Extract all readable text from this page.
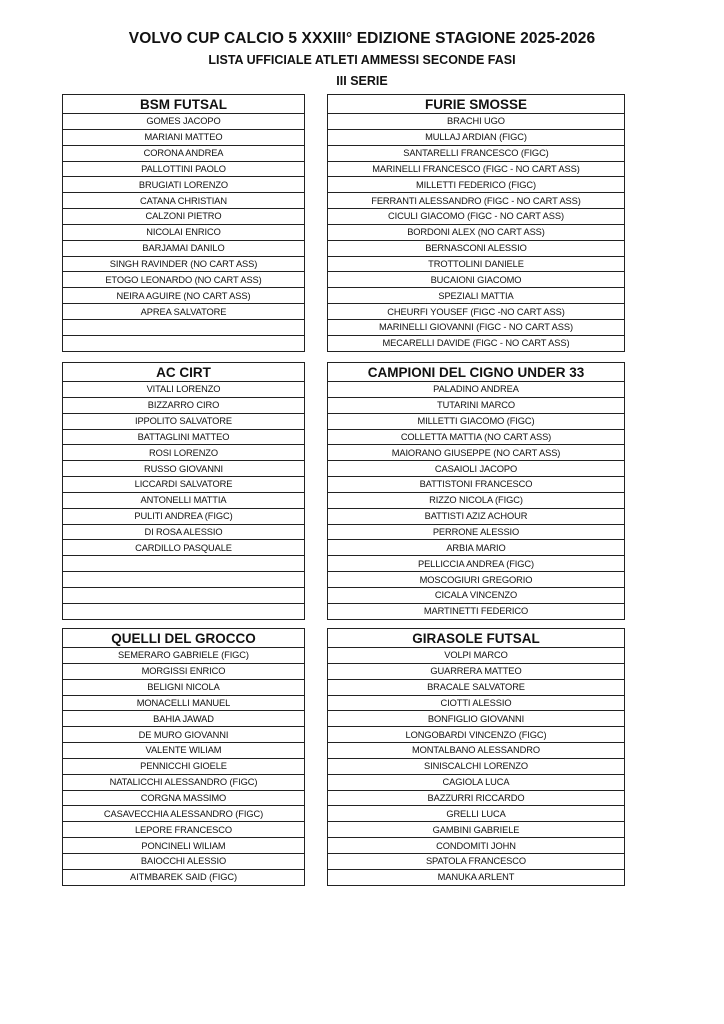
VOLVO CUP CALCIO 5 XXXIII° EDIZIONE STAGIONE 2025-2026
LISTA UFFICIALE ATLETI AMMESSI SECONDE FASI
III SERIE
BSM FUTSAL
GOMES JACOPO
MARIANI MATTEO
CORONA ANDREA
PALLOTTINI PAOLO
BRUGIATI LORENZO
CATANA CHRISTIAN
CALZONI PIETRO
NICOLAI ENRICO
BARJAMAI DANILO
SINGH RAVINDER (NO CART ASS)
ETOGO LEONARDO (NO CART ASS)
NEIRA AGUIRE (NO CART ASS)
APREA SALVATORE

FURIE SMOSSE
BRACHI UGO
MULLAJ ARDIAN (FIGC)
SANTARELLI FRANCESCO (FIGC)
MARINELLI FRANCESCO (FIGC - NO CART ASS)
MILLETTI FEDERICO (FIGC)
FERRANTI ALESSANDRO (FIGC - NO CART ASS)
CICULI GIACOMO (FIGC - NO CART ASS)
BORDONI ALEX (NO CART ASS)
BERNASCONI ALESSIO
TROTTOLINI DANIELE
BUCAIONI GIACOMO
SPEZIALI MATTIA
CHEURFI YOUSEF (FIGC -NO CART ASS)
MARINELLI GIOVANNI (FIGC - NO CART ASS)
MECARELLI DAVIDE (FIGC - NO CART ASS)
AC CIRT
VITALI LORENZO
BIZZARRO CIRO
IPPOLITO SALVATORE
BATTAGLINI MATTEO
ROSI LORENZO
RUSSO GIOVANNI
LICCARDI SALVATORE
ANTONELLI MATTIA
PULITI ANDREA (FIGC)
DI ROSA ALESSIO
CARDILLO PASQUALE

CAMPIONI DEL CIGNO UNDER 33
PALADINO ANDREA
TUTARINI MARCO
MILLETTI GIACOMO (FIGC)
COLLETTA MATTIA (NO CART ASS)
MAIORANO GIUSEPPE (NO CART ASS)
CASAIOLI JACOPO
BATTISTONI FRANCESCO
RIZZO NICOLA (FIGC)
BATTISTI AZIZ ACHOUR
PERRONE ALESSIO
ARBIA MARIO
PELLICCIA ANDREA (FIGC)
MOSCOGIURI GREGORIO
CICALA VINCENZO
MARTINETTI FEDERICO
QUELLI DEL GROCCO
SEMERARO GABRIELE (FIGC)
MORGISSI ENRICO
BELIGNI NICOLA
MONACELLI MANUEL
BAHIA JAWAD
DE MURO GIOVANNI
VALENTE WILIAM
PENNICCHI GIOELE
NATALICCHI ALESSANDRO (FIGC)
CORGNA MASSIMO
CASAVECCHIA ALESSANDRO (FIGC)
LEPORE FRANCESCO
PONCINELI WILIAM
BAIOCCHI ALESSIO
AITMBAREK SAID (FIGC)
GIRASOLE FUTSAL
VOLPI MARCO
GUARRERA MATTEO
BRACALE SALVATORE
CIOTTI ALESSIO
BONFIGLIO GIOVANNI
LONGOBARDI VINCENZO (FIGC)
MONTALBANO ALESSANDRO
SINISCALCHI LORENZO
CAGIOLA LUCA
BAZZURRI RICCARDO
GRELLI LUCA
GAMBINI GABRIELE
CONDOMITI JOHN
SPATOLA FRANCESCO
MANUKA ARLENT
